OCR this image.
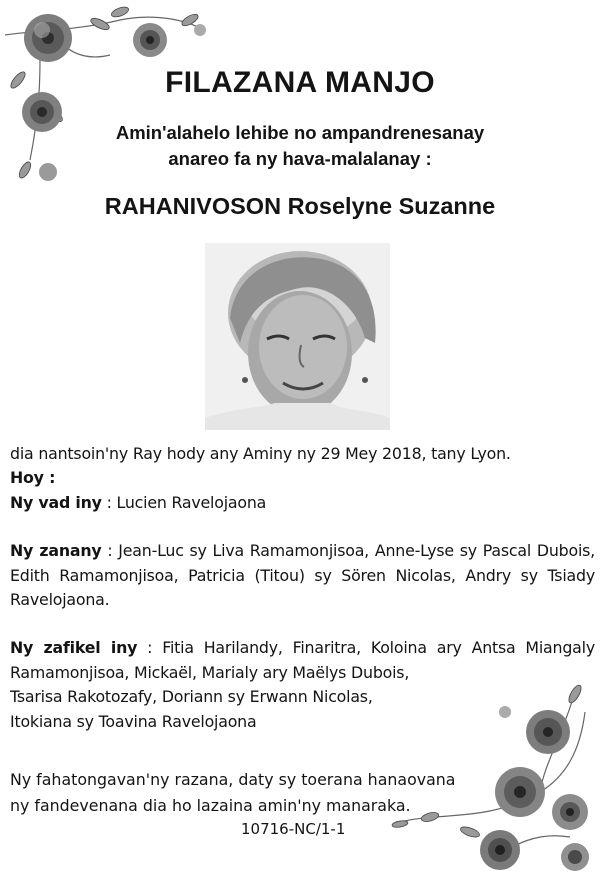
FILAZANA MANJO
Amin'alahelo lehibe no ampandrenesanay
anareo fa ny hava-malalanay :
RAHANIVOSON Roselyne Suzanne

dia nantsoin'ny Ray hody any Aminy ny 29 Mey 2018, tany Lyon.

Hoy :

Ny vad iny : Lucien Ravelojaona

Ny zanany : Jean-Luc sy Liva Ramamonjisoa, Anne-Lyse sy Pascal Dubois, Edith Ramamonjisoa, Patricia (Titou) sy Sören Nicolas, Andry sy Tsiady Ravelojaona.

Ny zafikel iny : Fitia Harilandy, Finaritra, Koloina ary Antsa Miangaly Ramamonjisoa, Mickaël, Marialy ary Maëlys Dubois,

Tsarisa Rakotozafy, Doriann sy Erwann Nicolas,

Itokiana sy Toavina Ravelojaona

Ny fahatongavan'ny razana, daty sy toerana hanaovana
ny fandevenana dia ho lazaina amin'ny manaraka.
10716-NC/1-1
